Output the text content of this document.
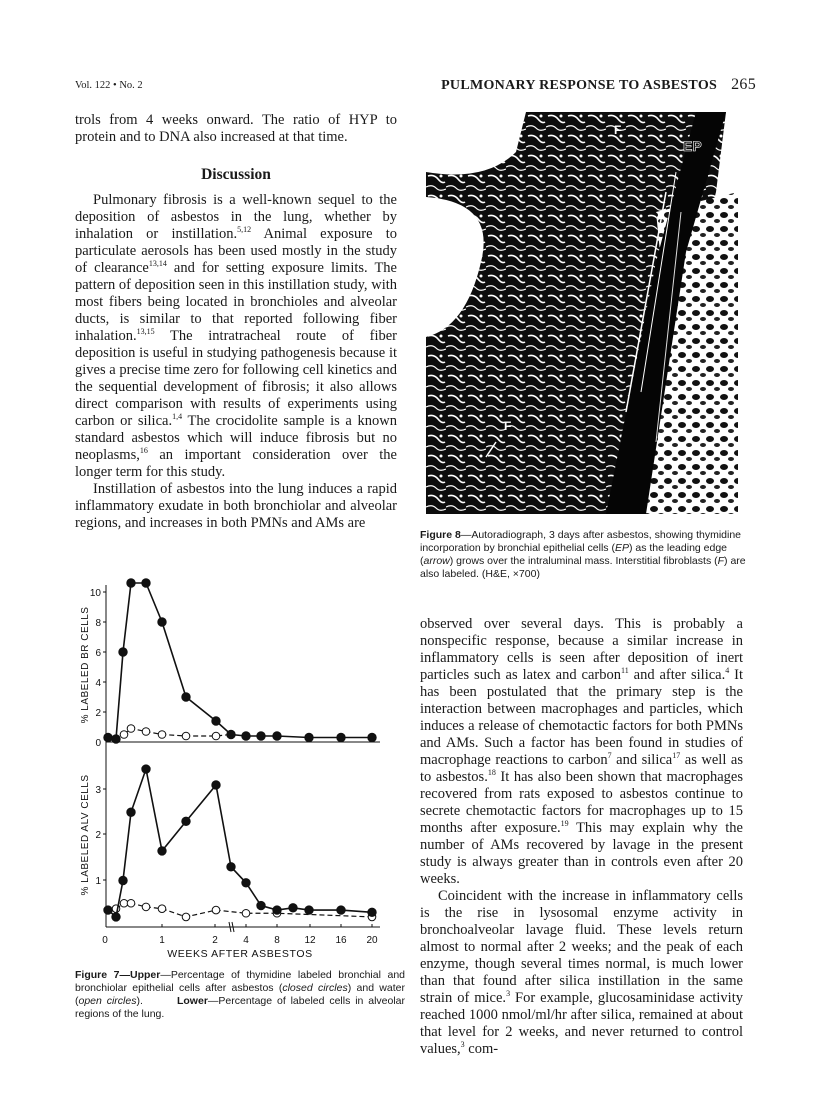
Vol. 122 • No. 2	PULMONARY RESPONSE TO ASBESTOS 265

trols from 4 weeks onward. The ratio of HYP to protein and to DNA also increased at that time.

Discussion

Pulmonary fibrosis is a well-known sequel to the deposition of asbestos in the lung, whether by inhalation or instillation.$^{5,12}$ Animal exposure to particulate aerosols has been used mostly in the study of clearance$^{13,14}$ and for setting exposure limits. The pattern of deposition seen in this instillation study, with most fibers being located in bronchioles and alveolar ducts, is similar to that reported following fiber inhalation.$^{13,15}$ The intratracheal route of fiber deposition is useful in studying pathogenesis because it gives a precise time zero for following cell kinetics and the sequential development of fibrosis; it also allows direct comparison with results of experiments using carbon or silica.$^{1,4}$ The crocidolite sample is a known standard asbestos which will induce fibrosis but no neoplasms,$^{16}$ an important consideration over the longer term for this study.

Instillation of asbestos into the lung induces a rapid inflammatory exudate in both bronchiolar and alveolar regions, and increases in both PMNs and AMs are

EP
F
F
Figure 8—Autoradiograph, 3 days after asbestos, showing thymidine incorporation by bronchial epithelial cells (EP) as the leading edge (arrow) grows over the intraluminal mass. Interstitial fibroblasts (F) are also labeled. (H&E, ×700)

observed over several days. This is probably a nonspecific response, because a similar increase in inflammatory cells is seen after deposition of inert particles such as latex and carbon$^{11}$ and after silica.$^4$ It has been postulated that the primary step is the interaction between macrophages and particles, which induces a release of chemotactic factors for both PMNs and AMs. Such a factor has been found in studies of macrophage reactions to carbon$^7$ and silica$^{17}$ as well as to asbestos.$^{18}$ It has also been shown that macrophages recovered from rats exposed to asbestos continue to secrete chemotactic factors for macrophages up to 15 months after exposure.$^{19}$ This may explain why the number of AMs recovered by lavage in the present study is always greater than in controls even after 20 weeks.

Coincident with the increase in inflammatory cells is the rise in lysosomal enzyme activity in bronchoalveolar lavage fluid. These levels return almost to normal after 2 weeks; and the peak of each enzyme, though several times normal, is much lower than that found after silica instillation in the same strain of mice.$^3$ For example, glucosaminidase activity reached 1000 nmol/ml/hr after silica, remained at about that level for 2 weeks, and never returned to control values,$^3$ com-

10
8
6
4
2
0
% LABELED BR CELLS
3
2
1
% LABELED ALV CELLS
0	1	2	4	8 12 16 20
WEEKS AFTER ASBESTOS
Figure 7—Upper—Percentage of thymidine labeled bronchial and bronchiolar epithelial cells after asbestos (closed circles) and water (open circles).	Lower—Percentage of labeled cells in alveolar regions of the lung.
